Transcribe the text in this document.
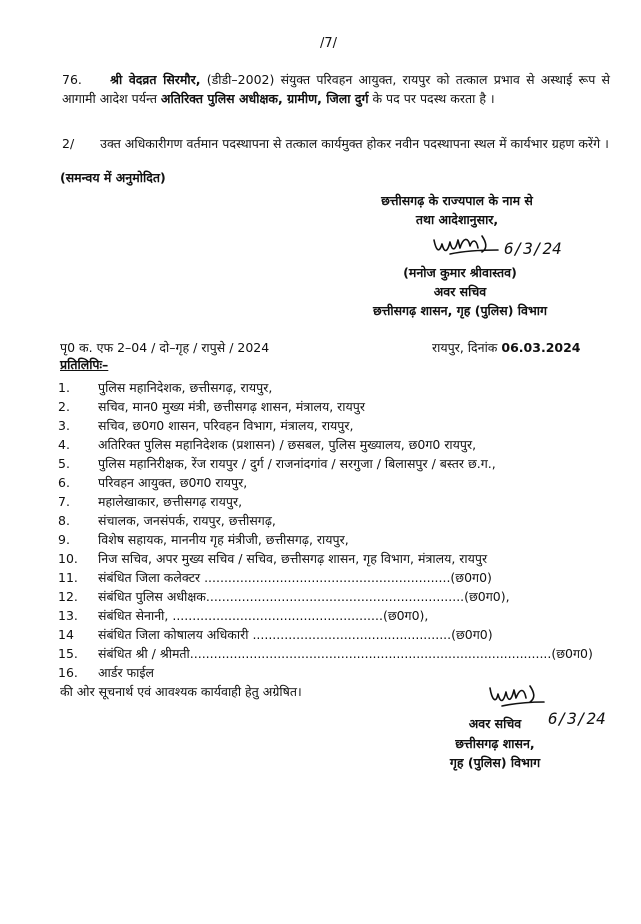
/7/
76. श्री वेदव्रत सिरमौर, (डीडी–2002) संयुक्त परिवहन आयुक्त, रायपुर को तत्काल प्रभाव से अस्थाई रूप से आगामी आदेश पर्यन्त अतिरिक्त पुलिस अधीक्षक, ग्रामीण, जिला दुर्ग के पद पर पदस्थ करता है ।
2/ उक्त अधिकारीगण वर्तमान पदस्थापना से तत्काल कार्यमुक्त होकर नवीन पदस्थापना स्थल में कार्यभार ग्रहण करेंगे ।
(समन्वय में अनुमोदित)
छत्तीसगढ़ के राज्यपाल के नाम से
तथा आदेशानुसार,
6/3/24
(मनोज कुमार श्रीवास्तव)
अवर सचिव
छत्तीसगढ़ शासन, गृह (पुलिस) विभाग
पृ0 क. एफ 2–04 / दो–गृह / रापुसे / 2024	रायपुर, दिनांक 06.03.2024
प्रतिलिपिः–
1.	पुलिस महानिदेशक, छत्तीसगढ़, रायपुर,
2.	सचिव, मान0 मुख्य मंत्री, छत्तीसगढ़ शासन, मंत्रालय, रायपुर
3.	सचिव, छ0ग0 शासन, परिवहन विभाग, मंत्रालय, रायपुर,
4.	अतिरिक्त पुलिस महानिदेशक (प्रशासन) / छसबल, पुलिस मुख्यालय, छ0ग0 रायपुर,
5.	पुलिस महानिरीक्षक, रेंज रायपुर / दुर्ग / राजनांदगांव / सरगुजा / बिलासपुर / बस्तर छ.ग.,
6.	परिवहन आयुक्त, छ0ग0 रायपुर,
7.	महालेखाकार, छत्तीसगढ़ रायपुर,
8.	संचालक, जनसंपर्क, रायपुर, छत्तीसगढ़,
9.	विशेष सहायक, माननीय गृह मंत्रीजी, छत्तीसगढ़, रायपुर,
10.	निज सचिव, अपर मुख्य सचिव / सचिव, छत्तीसगढ़ शासन, गृह विभाग, मंत्रालय, रायपुर
11.	संबंधित जिला कलेक्टर ..............................................................(छ0ग0)
12.	संबंधित पुलिस अधीक्षक.................................................................(छ0ग0),
13.	संबंधित सेनानी, .....................................................(छ0ग0),
14	संबंधित जिला कोषालय अधिकारी ..................................................(छ0ग0)
15.	संबंधित श्री / श्रीमती...........................................................................................(छ0ग0)
16.	आर्डर फाईल
की ओर सूचनार्थ एवं आवश्यक कार्यवाही हेतु अग्रेषित।
6/3/24
अवर सचिव
छत्तीसगढ़ शासन,
गृह (पुलिस) विभाग
